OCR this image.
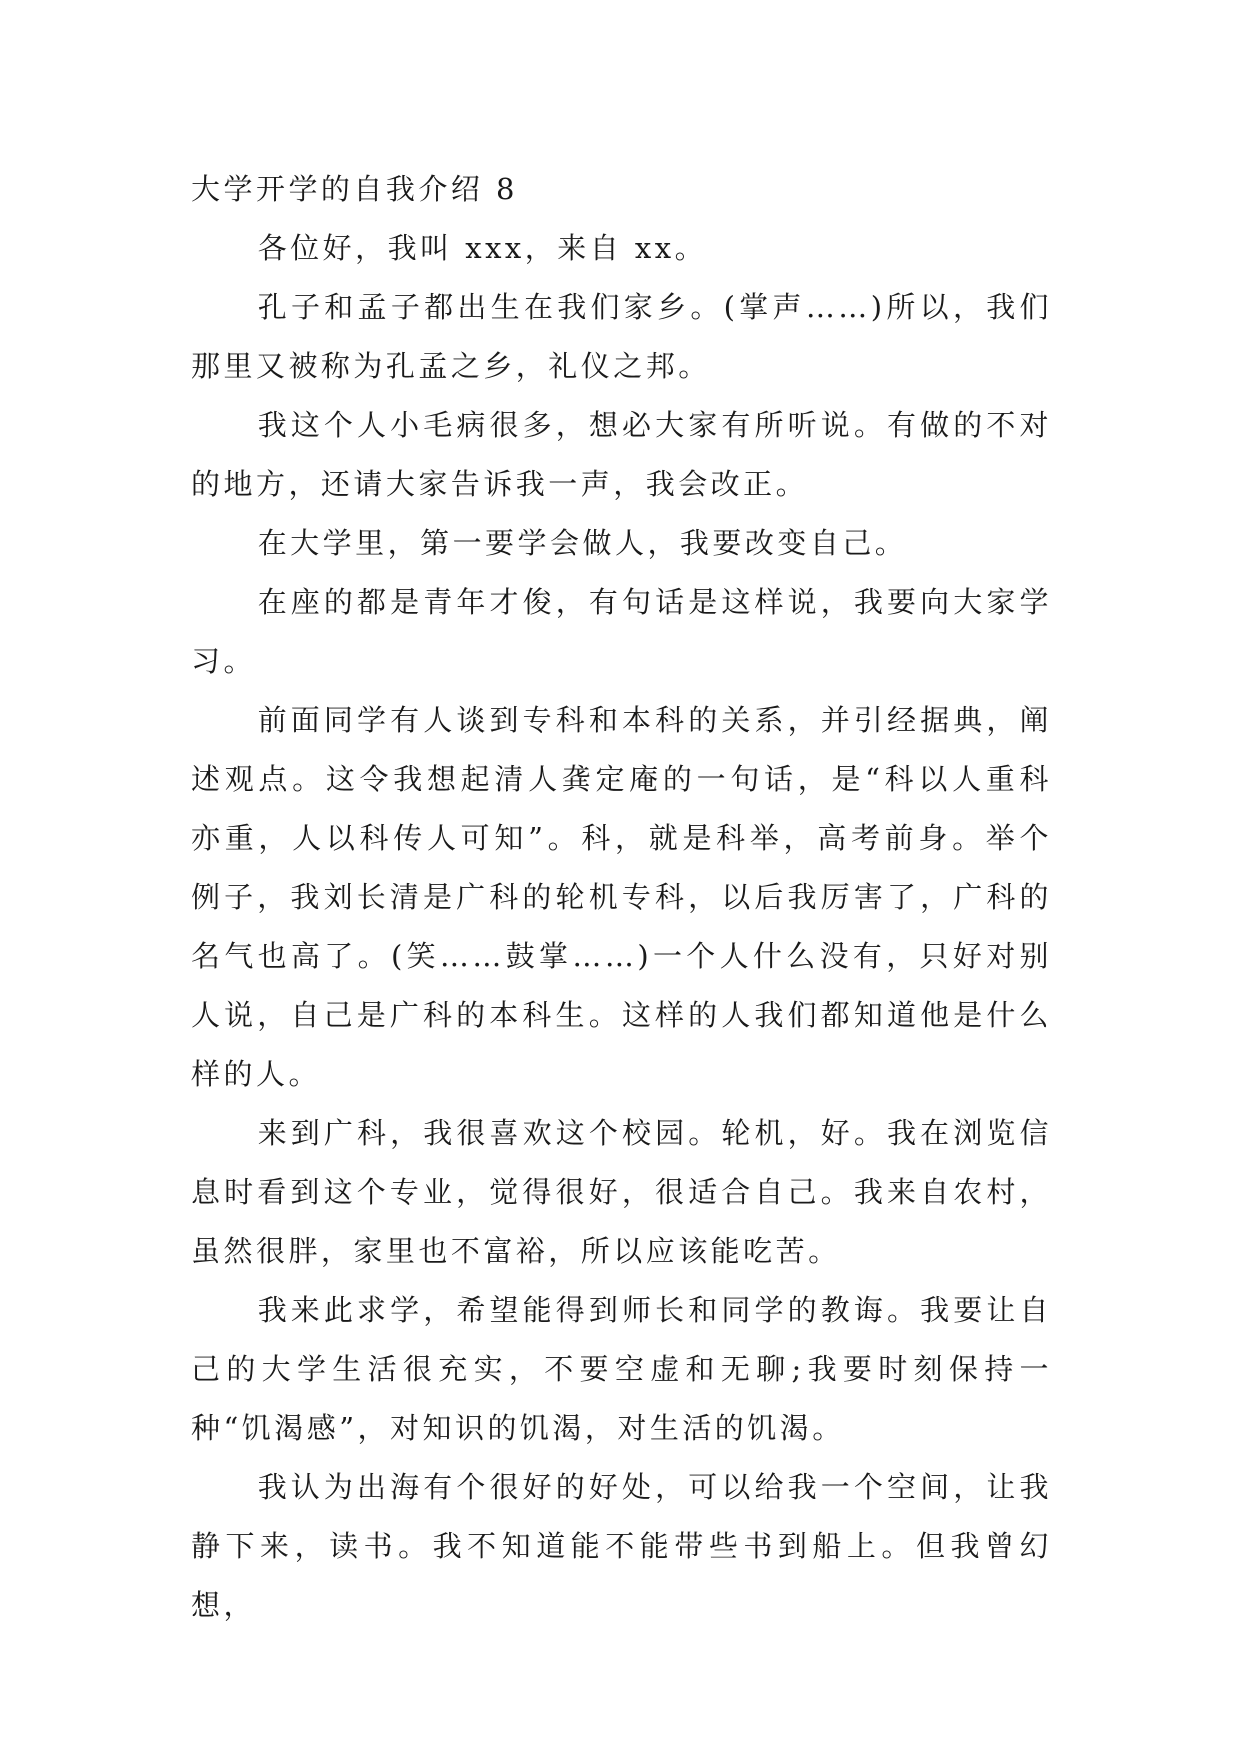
大学开学的自我介绍 8

各位好，我叫 xxx，来自 xx。

孔子和孟子都出生在我们家乡。(掌声……)所以，我们那里又被称为孔孟之乡，礼仪之邦。

我这个人小毛病很多，想必大家有所听说。有做的不对的地方，还请大家告诉我一声，我会改正。

在大学里，第一要学会做人，我要改变自己。

在座的都是青年才俊，有句话是这样说，我要向大家学习。

前面同学有人谈到专科和本科的关系，并引经据典，阐述观点。这令我想起清人龚定庵的一句话，是“科以人重科亦重，人以科传人可知”。科，就是科举，高考前身。举个例子，我刘长清是广科的轮机专科，以后我厉害了，广科的名气也高了。(笑……鼓掌……)一个人什么没有，只好对别人说，自己是广科的本科生。这样的人我们都知道他是什么样的人。

来到广科，我很喜欢这个校园。轮机，好。我在浏览信息时看到这个专业，觉得很好，很适合自己。我来自农村，虽然很胖，家里也不富裕，所以应该能吃苦。

我来此求学，希望能得到师长和同学的教诲。我要让自己的大学生活很充实，不要空虚和无聊;我要时刻保持一种“饥渴感”，对知识的饥渴，对生活的饥渴。

我认为出海有个很好的好处，可以给我一个空间，让我静下来，读书。我不知道能不能带些书到船上。但我曾幻想，
